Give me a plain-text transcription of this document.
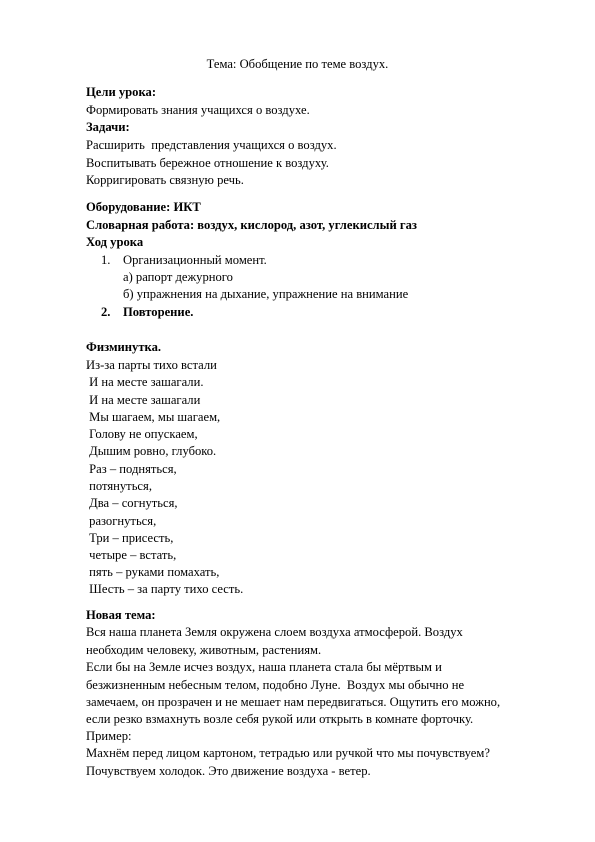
Тема: Обобщение по теме воздух.
Цели урока:
Формировать знания учащихся о воздухе.
Задачи:
Расширить  представления учащихся о воздух.
Воспитывать бережное отношение к воздуху.
Корригировать связную речь.
Оборудование: ИКТ
Словарная работа: воздух, кислород, азот, углекислый газ
Ход урока
1. Организационный момент.
а) рапорт дежурного
б) упражнения на дыхание, упражнение на внимание
2. Повторение.
Физминутка.
Из-за парты тихо встали
И на месте зашагали.
И на месте зашагали
Мы шагаем, мы шагаем,
Голову не опускаем,
Дышим ровно, глубоко.
Раз – подняться,
потянуться,
Два – согнуться,
разогнуться,
Три – присесть,
четыре – встать,
пять – руками помахать,
Шесть – за парту тихо сесть.
Новая тема:
Вся наша планета Земля окружена слоем воздуха атмосферой. Воздух
необходим человеку, животным, растениям.
Если бы на Земле исчез воздух, наша планета стала бы мёртвым и
безжизненным небесным телом, подобно Луне.  Воздух мы обычно не
замечаем, он прозрачен и не мешает нам передвигаться. Ощутить его можно,
если резко взмахнуть возле себя рукой или открыть в комнате форточку.
Пример:
Махнём перед лицом картоном, тетрадью или ручкой что мы почувствуем?
Почувствуем холодок. Это движение воздуха - ветер.
